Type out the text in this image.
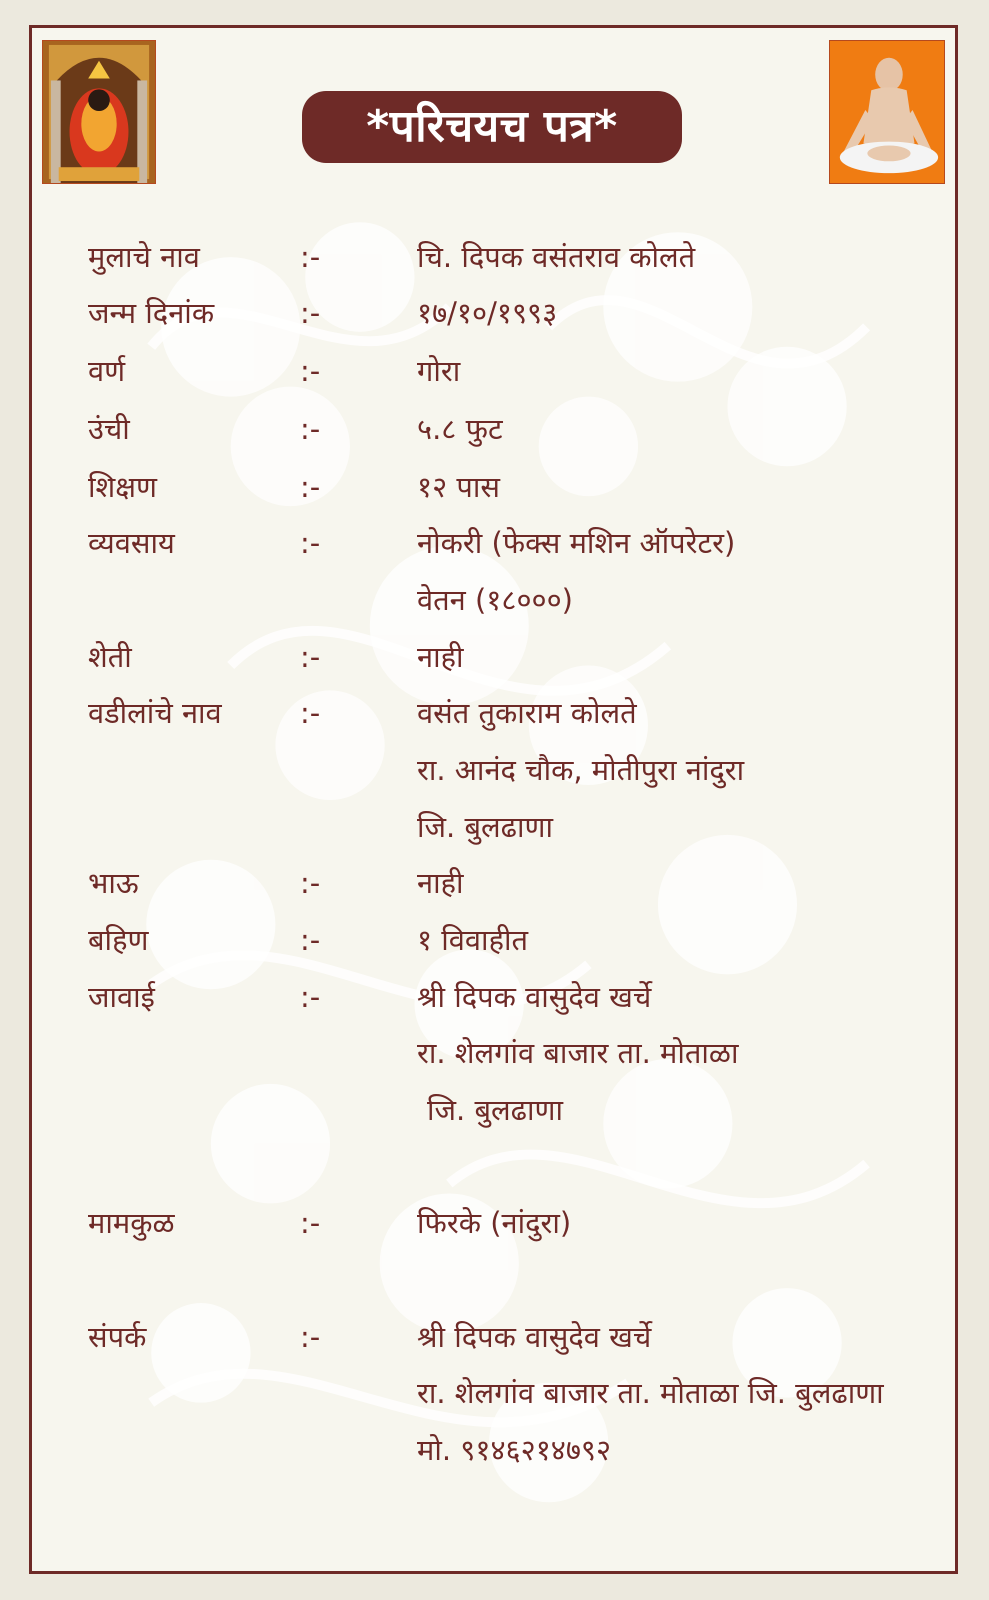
*परिचयच पत्र*
मुलाचे नाव	:-	चि. दिपक वसंतराव कोलते
जन्म दिनांक	:-	१७/१०/१९९३
वर्ण	:-	गोरा
उंची	:-	५.८ फुट
शिक्षण	:-	१२ पास
व्यवसाय	:-	नोकरी (फेक्स मशिन ऑपरेटर)
वेतन (१८०००)
शेती	:-	नाही
वडीलांचे नाव	:-	वसंत तुकाराम कोलते
रा. आनंद चौक, मोतीपुरा नांदुरा
जि. बुलढाणा
भाऊ	:-	नाही
बहिण	:-	१ विवाहीत
जावाई	:-	श्री दिपक वासुदेव खर्चे
रा. शेलगांव बाजार ता. मोताळा
जि. बुलढाणा
मामकुळ	:-	फिरके (नांदुरा)
संपर्क	:-	श्री दिपक वासुदेव खर्चे
रा. शेलगांव बाजार ता. मोताळा जि. बुलढाणा
मो. ९१४६२१४७९२
